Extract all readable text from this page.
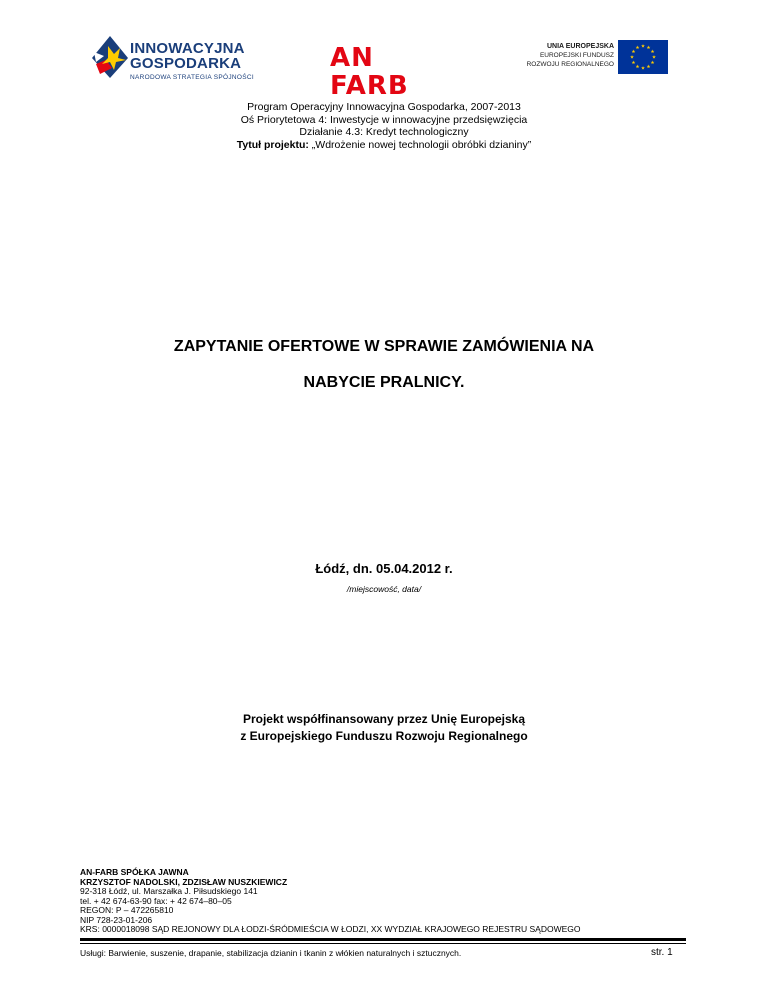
INNOWACYJNA
GOSPODARKA
NARODOWA STRATEGIA SPÓJNOŚCI
AN FARB
UNIA EUROPEJSKA
EUROPEJSKI FUNDUSZ
ROZWOJU REGIONALNEGO
Program Operacyjny Innowacyjna Gospodarka, 2007-2013
Oś Priorytetowa 4: Inwestycje w innowacyjne przedsięwzięcia
Działanie 4.3: Kredyt technologiczny
Tytuł projektu: „Wdrożenie nowej technologii obróbki dzianiny”
ZAPYTANIE OFERTOWE W SPRAWIE ZAMÓWIENIA NA
NABYCIE PRALNICY.
Łódź, dn. 05.04.2012 r.
/miejscowość, data/
Projekt współfinansowany przez Unię Europejską
z Europejskiego Funduszu Rozwoju Regionalnego
AN-FARB SPÓŁKA JAWNA
KRZYSZTOF NADOLSKI, ZDZISŁAW NUSZKIEWICZ
92-318 Łódź, ul. Marszałka J. Piłsudskiego 141
tel. + 42 674-63-90 fax: + 42 674–80–05
REGON: P – 472265810
NIP 728-23-01-206
KRS: 0000018098 SĄD REJONOWY DLA ŁODZI-ŚRÓDMIEŚCIA W ŁODZI, XX WYDZIAŁ KRAJOWEGO REJESTRU SĄDOWEGO
Usługi: Barwienie, suszenie, drapanie, stabilizacja dzianin i tkanin z włókien naturalnych i sztucznych.	str. 1
